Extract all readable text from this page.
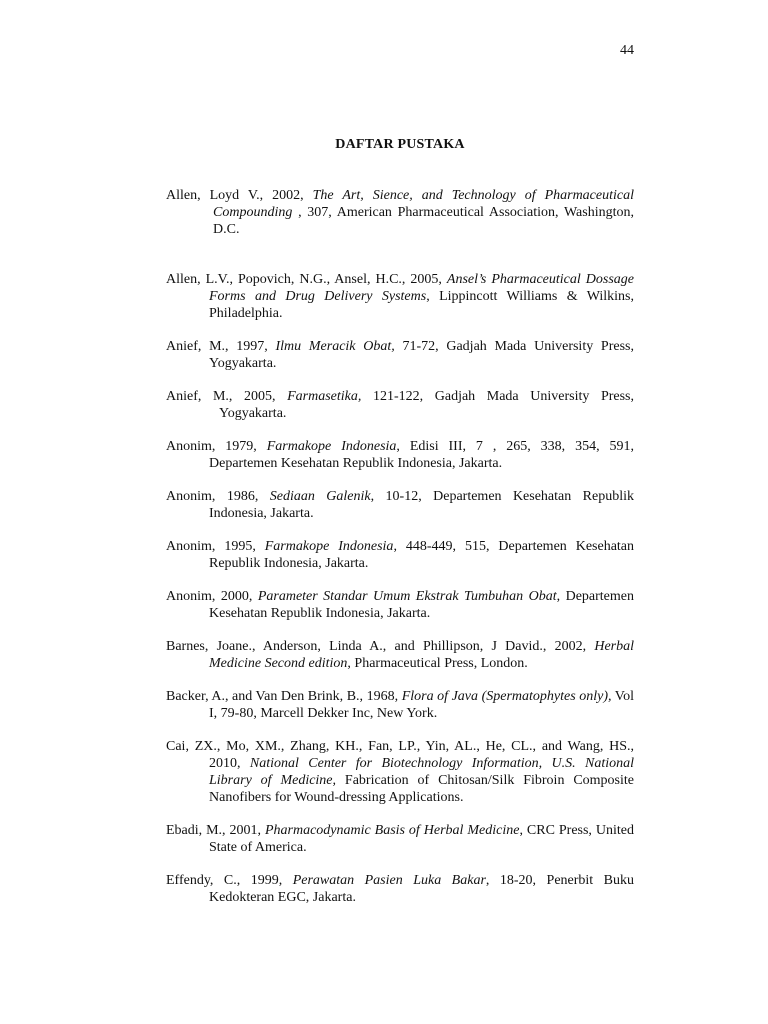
44
DAFTAR PUSTAKA

Allen, Loyd V., 2002, The Art, Sience, and Technology of Pharmaceutical Compounding , 307, American Pharmaceutical Association, Washington, D.C.

Allen, L.V., Popovich, N.G., Ansel, H.C., 2005, Ansel’s Pharmaceutical Dossage Forms and Drug Delivery Systems, Lippincott Williams & Wilkins, Philadelphia.

Anief, M., 1997, Ilmu Meracik Obat, 71-72, Gadjah Mada University Press, Yogyakarta.

Anief, M., 2005, Farmasetika, 121-122, Gadjah Mada University Press, Yogyakarta.

Anonim, 1979, Farmakope Indonesia, Edisi III, 7 , 265, 338, 354, 591, Departemen Kesehatan Republik Indonesia, Jakarta.

Anonim, 1986, Sediaan Galenik, 10-12, Departemen Kesehatan Republik Indonesia, Jakarta.

Anonim, 1995, Farmakope Indonesia, 448-449, 515, Departemen Kesehatan Republik Indonesia, Jakarta.

Anonim, 2000, Parameter Standar Umum Ekstrak Tumbuhan Obat, Departemen Kesehatan Republik Indonesia, Jakarta.

Barnes, Joane., Anderson, Linda A., and Phillipson, J David., 2002, Herbal Medicine Second edition, Pharmaceutical Press, London.

Backer, A., and Van Den Brink, B., 1968, Flora of Java (Spermatophytes only), Vol I, 79-80, Marcell Dekker Inc, New York.

Cai, ZX., Mo, XM., Zhang, KH., Fan, LP., Yin, AL., He, CL., and Wang, HS., 2010, National Center for Biotechnology Information, U.S. National Library of Medicine, Fabrication of Chitosan/Silk Fibroin Composite Nanofibers for Wound-dressing Applications.

Ebadi, M., 2001, Pharmacodynamic Basis of Herbal Medicine, CRC Press, United State of America.

Effendy, C., 1999, Perawatan Pasien Luka Bakar, 18-20, Penerbit Buku Kedokteran EGC, Jakarta.
